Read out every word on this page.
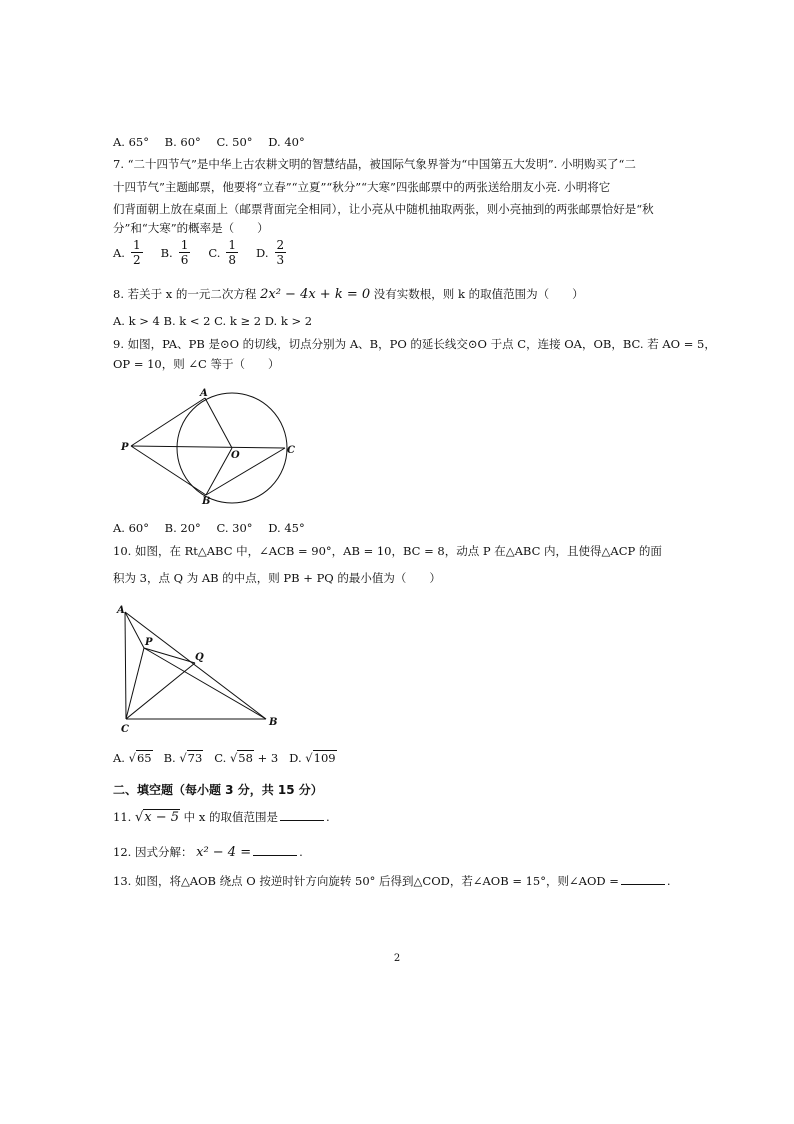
A. 65° B. 60° C. 50° D. 40°
7. “二十四节气”是中华上古农耕文明的智慧结晶，被国际气象界誉为“中国第五大发明”. 小明购买了“二
十四节气”主题邮票，他要将“立春”“立夏”“秋分”“大寒”四张邮票中的两张送给朋友小亮. 小明将它
们背面朝上放在桌面上（邮票背面完全相同），让小亮从中随机抽取两张，则小亮抽到的两张邮票恰好是“秋
分”和“大寒”的概率是（　　）
A. $\frac{1}{2} B$. $\frac{1}{6} C$. $\frac{1}{8} D$. $\frac{2}{3}$
8. 若关于 x 的一元二次方程 2x² − 4x + k = 0 没有实数根，则 k 的取值范围为（　　）
A. k > 4 B. k < 2 C. k ≥ 2 D. k > 2
9. 如图，PA、PB 是⊙O 的切线，切点分别为 A、B，PO 的延长线交⊙O 于点 C，连接 OA，OB，BC. 若 AO = 5，
OP = 10，则 ∠C 等于（　　）
A
B
C
O
P
A. 60° B. 20° C. 30° D. 45°
10. 如图，在 Rt△ABC 中，∠ACB = 90°，AB = 10，BC = 8，动点 P 在△ABC 内，且使得△ACP 的面
积为 3，点 Q 为 AB 的中点，则 PB + PQ 的最小值为（　　）
A
B
C
P
Q
A. √65 B. √73 C. √58 + 3 D. √109
二、填空题（每小题 3 分，共 15 分）
11. √x − 5 中 x 的取值范围是	.
12. 因式分解： x² − 4 =	.
13. 如图，将△AOB 绕点 O 按逆时针方向旋转 50° 后得到△COD，若∠AOB = 15°，则∠AOD =	.
2
